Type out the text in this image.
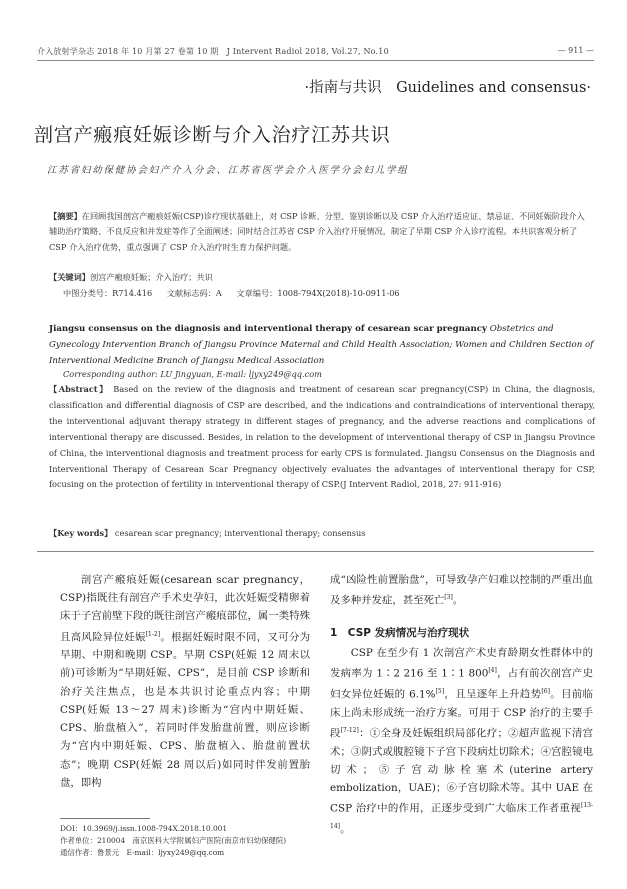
介入放射学杂志 2018 年 10 月第 27 卷第 10 期　J Intervent Radiol 2018, Vol.27, No.10	— 911 —
·指南与共识　Guidelines and consensus·
剖宫产瘢痕妊娠诊断与介入治疗江苏共识
江苏省妇幼保健协会妇产介入分会、江苏省医学会介入医学分会妇儿学组
【摘要】在回顾我国剖宫产瘢痕妊娠(CSP)诊疗现状基础上，对 CSP 诊断、分型、鉴别诊断以及 CSP 介入治疗适应证、禁忌证、不同妊娠阶段介入辅助治疗策略、不良反应和并发症等作了全面阐述；同时结合江苏省 CSP 介入治疗开展情况，制定了早期 CSP 介入诊疗流程。本共识客观分析了 CSP 介入治疗优势，重点强调了 CSP 介入治疗时生育力保护问题。
【关键词】剖宫产瘢痕妊娠；介入治疗；共识
中图分类号：R714.416 文献标志码：A 文章编号：1008-794X(2018)-10-0911-06
Jiangsu consensus on the diagnosis and interventional therapy of cesarean scar pregnancy Obstetrics and Gynecology Intervention Branch of Jiangsu Province Maternal and Child Health Association; Women and Children Section of Interventional Medicine Branch of Jiangsu Medical Association
Corresponding author: LU Jingyuan, E-mail: ljyxy249@qq.com
【Abstract】 Based on the review of the diagnosis and treatment of cesarean scar pregnancy(CSP) in China, the diagnosis, classification and differential diagnosis of CSP are described, and the indications and contraindications of interventional therapy, the interventional adjuvant therapy strategy in different stages of pregnancy, and the adverse reactions and complications of interventional therapy are discussed. Besides, in relation to the development of interventional therapy of CSP in Jiangsu Province of China, the interventional diagnosis and treatment process for early CPS is formulated. Jiangsu Consensus on the Diagnosis and Interventional Therapy of Cesarean Scar Pregnancy objectively evaluates the advantages of interventional therapy for CSP, focusing on the protection of fertility in interventional therapy of CSP.(J Intervent Radiol, 2018, 27: 911-916)
【Key words】 cesarean scar pregnancy; interventional therapy; consensus
剖宫产瘢痕妊娠(cesarean scar pregnancy，CSP)指既往有剖宫产手术史孕妇，此次妊娠受精卵着床于子宫前壁下段的既往剖宫产瘢痕部位，属一类特殊且高风险异位妊娠[1-2]。根据妊娠时限不同，又可分为早期、中期和晚期 CSP。早期 CSP(妊娠 12 周末以前)可诊断为“早期妊娠、CPS”，是目前 CSP 诊断和治疗关注焦点，也是本共识讨论重点内容；中期 CSP(妊娠 13～27 周末)诊断为“宫内中期妊娠、CPS、胎盘植入”，若同时伴发胎盘前置，则应诊断为“宫内中期妊娠、CPS、胎盘植入、胎盘前置状态”；晚期 CSP(妊娠 28 周以后)如同时伴发前置胎盘，即构
成“凶险性前置胎盘”，可导致孕产妇难以控制的严重出血及多种并发症，甚至死亡[3]。
1　CSP 发病情况与治疗现状
CSP 在至少有 1 次剖宫产术史育龄期女性群体中的发病率为 1∶2 216 至 1∶1 800[4]，占有前次剖宫产史妇女异位妊娠的 6.1%[5]，且呈逐年上升趋势[6]。目前临床上尚未形成统一治疗方案。可用于 CSP 治疗的主要手段[7-12]：①全身及妊娠组织局部化疗；②超声监视下清宫术；③阴式或腹腔镜下子宫下段病灶切除术；④宫腔镜电切术；⑤子宫动脉栓塞术(uterine artery embolization，UAE)；⑥子宫切除术等。其中 UAE 在 CSP 治疗中的作用，正逐步受到广大临床工作者重视[13-14]。
DOI：10.3969/j.issn.1008-794X.2018.10.001
作者单位：210004　南京医科大学附属妇产医院(南京市妇幼保健院)
通信作者：鲁景元　E-mail：ljyxy249@qq.com
